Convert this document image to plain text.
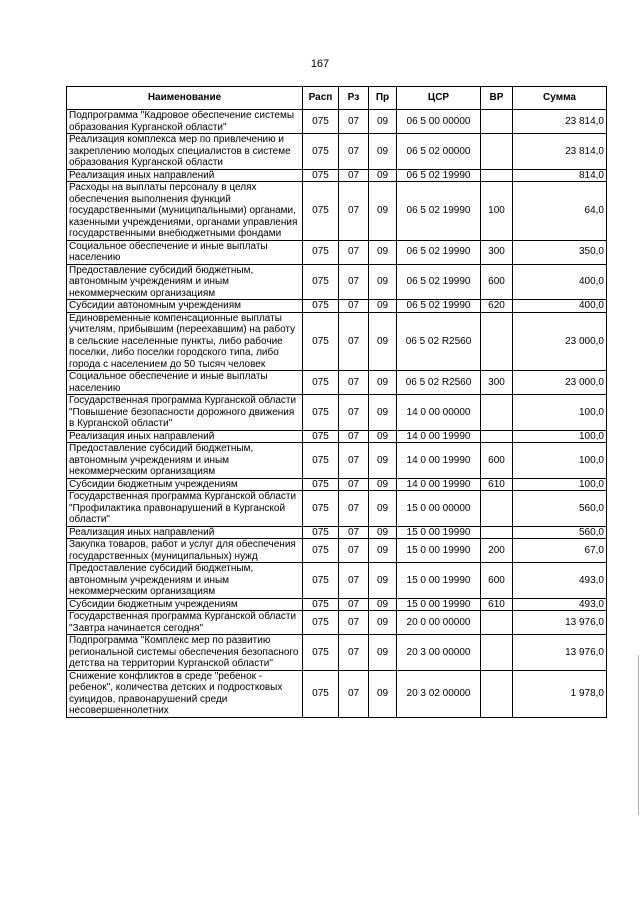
167
Наименование	Расп	Рз	Пр	ЦСР	ВР	Сумма
Подпрограмма "Кадровое обеспечение системы образования Курганской области"	075	07	09	06 5 00 00000		23 814,0
Реализация комплекса мер по привлечению и закреплению молодых специалистов в системе образования Курганской области	075	07	09	06 5 02 00000		23 814,0
Реализация иных направлений	075	07	09	06 5 02 19990		814,0
Расходы на выплаты персоналу в целях обеспечения выполнения функций государственными (муниципальными) органами, казенными учреждениями, органами управления государственными внебюджетными фондами	075	07	09	06 5 02 19990	100	64,0
Социальное обеспечение и иные выплаты населению	075	07	09	06 5 02 19990	300	350,0
Предоставление субсидий бюджетным, автономным учреждениям и иным некоммерческим организациям	075	07	09	06 5 02 19990	600	400,0
Субсидии автономным учреждениям	075	07	09	06 5 02 19990	620	400,0
Единовременные компенсационные выплаты учителям, прибывшим (переехавшим) на работу в сельские населенные пункты, либо рабочие поселки, либо поселки городского типа, либо города с населением до 50 тысяч человек	075	07	09	06 5 02 R2560		23 000,0
Социальное обеспечение и иные выплаты населению	075	07	09	06 5 02 R2560	300	23 000,0
Государственная программа Курганской области "Повышение безопасности дорожного движения в Курганской области"	075	07	09	14 0 00 00000		100,0
Реализация иных направлений	075	07	09	14 0 00 19990		100,0
Предоставление субсидий бюджетным, автономным учреждениям и иным некоммерческим организациям	075	07	09	14 0 00 19990	600	100,0
Субсидии бюджетным учреждениям	075	07	09	14 0 00 19990	610	100,0
Государственная программа Курганской области "Профилактика правонарушений в Курганской области"	075	07	09	15 0 00 00000		560,0
Реализация иных направлений	075	07	09	15 0 00 19990		560,0
Закупка товаров, работ и услуг для обеспечения государственных (муниципальных) нужд	075	07	09	15 0 00 19990	200	67,0
Предоставление субсидий бюджетным, автономным учреждениям и иным некоммерческим организациям	075	07	09	15 0 00 19990	600	493,0
Субсидии бюджетным учреждениям	075	07	09	15 0 00 19990	610	493,0
Государственная программа Курганской области "Завтра начинается сегодня"	075	07	09	20 0 00 00000		13 976,0
Подпрограмма "Комплекс мер по развитию региональной системы обеспечения безопасного детства на территории Курганской области"	075	07	09	20 3 00 00000		13 976,0
Снижение конфликтов в среде "ребенок - ребенок", количества детских и подростковых суицидов, правонарушений среди несовершеннолетних	075	07	09	20 3 02 00000		1 978,0
